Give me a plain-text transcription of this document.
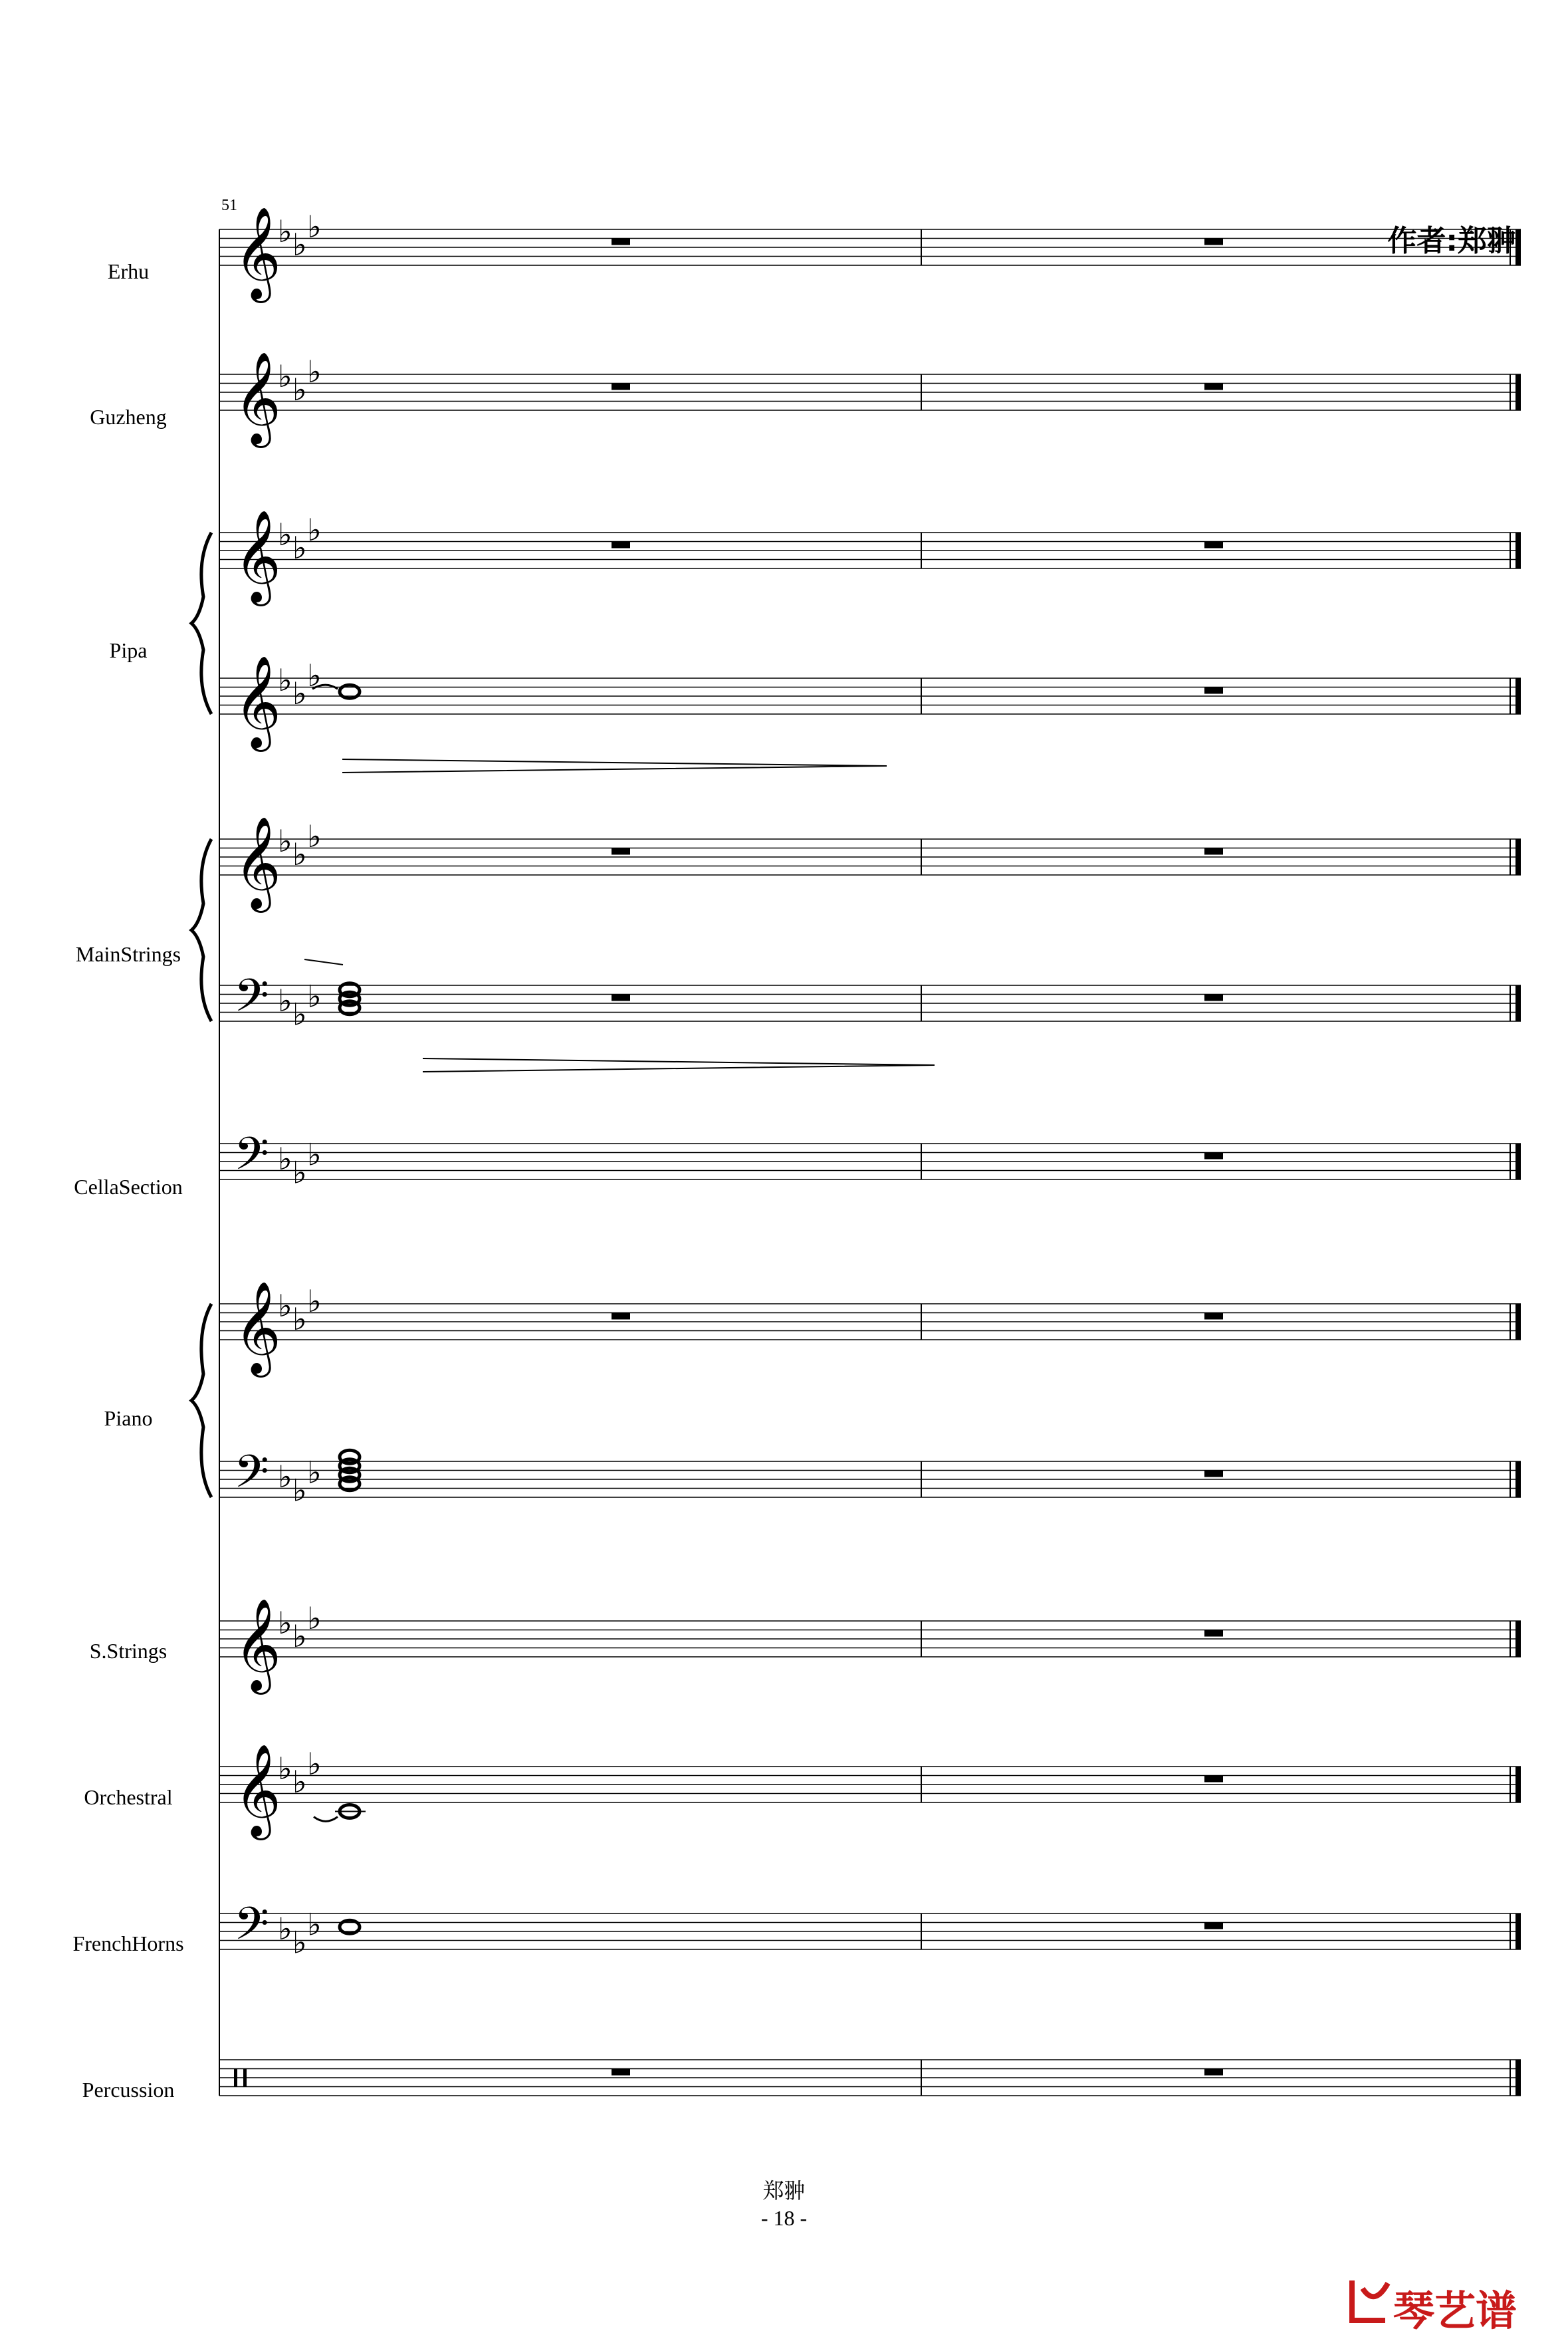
𝄞
♭ ♭ ♭
𝄞
♭ ♭ ♭
𝄞
♭ ♭ ♭
𝄞
♭ ♭ ♭
𝄞
♭ ♭ ♭
𝄢 ♭ ♭ ♭
𝄢 ♭ ♭ ♭
𝄞
♭ ♭ ♭
𝄢 ♭ ♭ ♭
𝄞
♭ ♭ ♭
𝄞
♭ ♭ ♭
𝄢 ♭ ♭ ♭
Erhu
Guzheng
Pipa
MainStrings
CellaSection
Piano
S.Strings
Orchestral
FrenchHorns
Percussion
51
作者:郑翀
郑翀
- 18 -
琴艺谱
